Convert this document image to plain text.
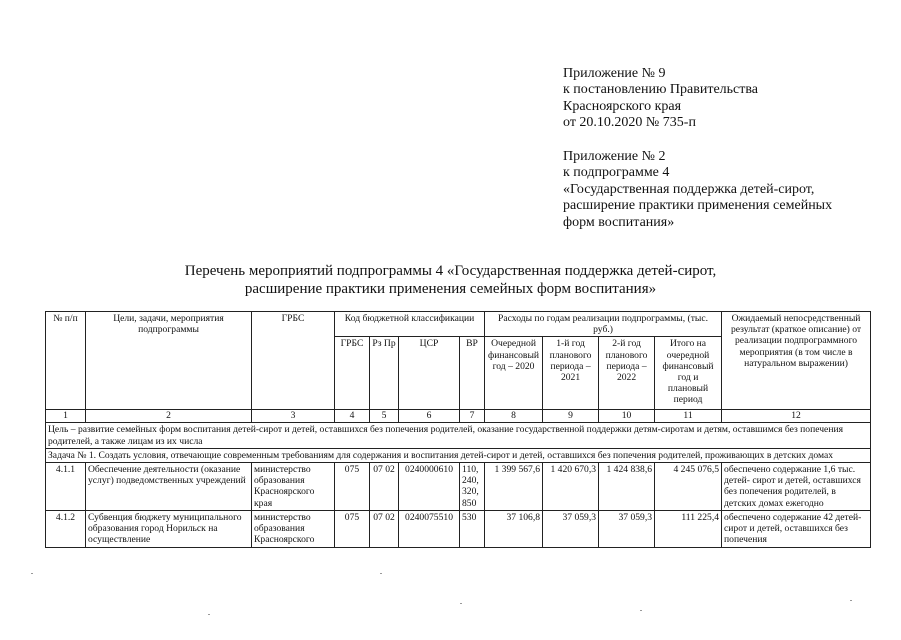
Приложение № 9
к постановлению Правительства
Красноярского края
от 20.10.2020 № 735-п
Приложение № 2
к подпрограмме 4
«Государственная поддержка детей-сирот,
расширение практики применения семейных
форм воспитания»
Перечень мероприятий подпрограммы 4 «Государственная поддержка детей-сирот,
расширение практики применения семейных форм воспитания»
№ п/п	Цели, задачи, мероприятия подпрограммы	ГРБС	Код бюджетной классификации				Расходы по годам реализации подпрограммы, (тыс. руб.)				Ожидаемый непосредственный результат (краткое описание) от реализации подпрограммного мероприятия (в том числе в натуральном выражении)
			ГРБС	Рз Пр	ЦСР	ВР	Очередной финансовый год – 2020	1-й год планового периода – 2021	2-й год планового периода – 2022	Итого на очередной финансовый год и плановый период	
1	2	3	4	5	6	7	8	9	10	11	12
Цель – развитие семейных форм воспитания детей-сирот и детей, оставшихся без попечения родителей, оказание государственной поддержки детям-сиротам и детям, оставшимся без попечения родителей, а также лицам из их числа											
Задача № 1. Создать условия, отвечающие современным требованиям для содержания и воспитания детей-сирот и детей, оставшихся без попечения родителей, проживающих в детских домах											
4.1.1	Обеспечение деятельности (оказание услуг) подведомственных учреждений	министерство образования Красноярского края	075	07 02	0240000610	110, 240, 320, 850	1 399 567,6	1 420 670,3	1 424 838,6	4 245 076,5	обеспечено содержание 1,6 тыс. детей- сирот и детей, оставшихся без попечения родителей, в детских домах ежегодно
4.1.2	Субвенция бюджету муниципального образования город Норильск на осуществление	министерство образования Красноярского	075	07 02	0240075510	530	37 106,8	37 059,3	37 059,3	111 225,4	обеспечено содержание 42 детей-сирот и детей, оставшихся без попечения
